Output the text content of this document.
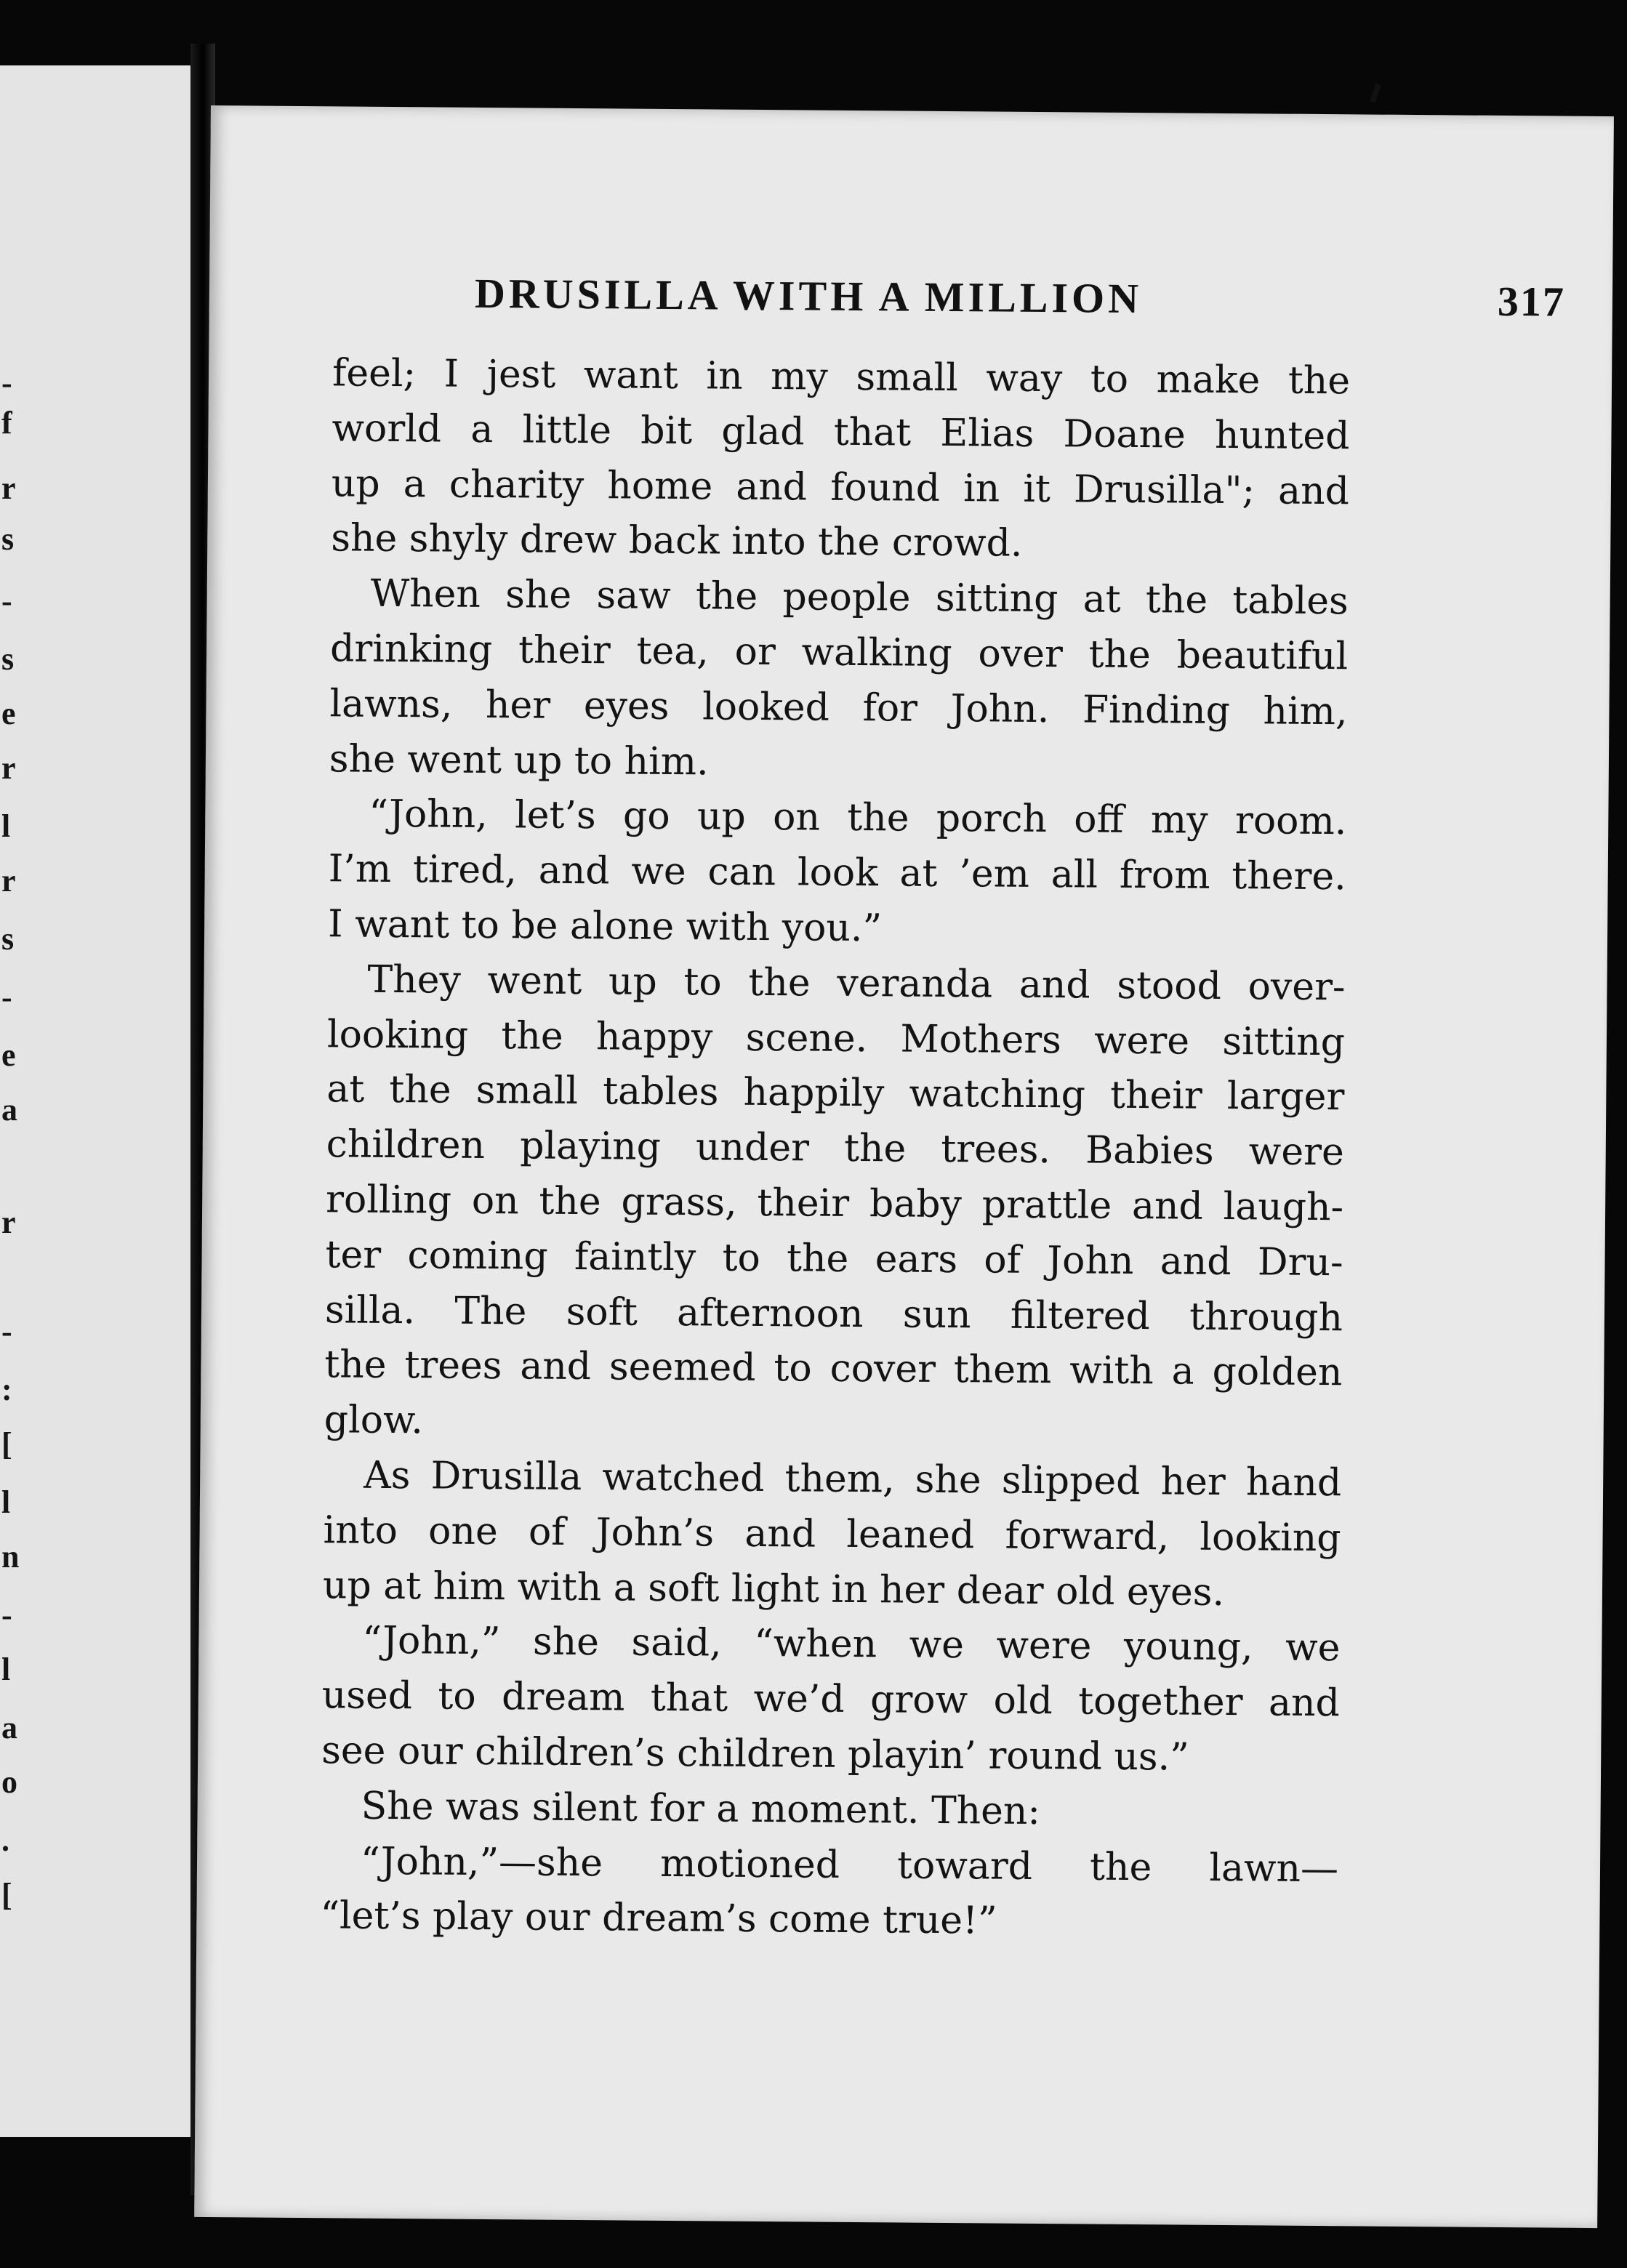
-
f
r
s
-
s
e
r
l
r
s
-
e
a
r
-
:
[
l
n
-
l
a
o
.
[
DRUSILLA WITH A MILLION	317
feel; I jest want in my small way to make the
world a little bit glad that Elias Doane hunted
up a charity home and found in it Drusilla"; and
she shyly drew back into the crowd.
When she saw the people sitting at the tables
drinking their tea, or walking over the beautiful
lawns, her eyes looked for John. Finding him,
she went up to him.
“John, let’s go up on the porch off my room.
I’m tired, and we can look at ’em all from there.
I want to be alone with you.”
They went up to the veranda and stood over-
looking the happy scene. Mothers were sitting
at the small tables happily watching their larger
children playing under the trees. Babies were
rolling on the grass, their baby prattle and laugh-
ter coming faintly to the ears of John and Dru-
silla. The soft afternoon sun filtered through
the trees and seemed to cover them with a golden
glow.
As Drusilla watched them, she slipped her hand
into one of John’s and leaned forward, looking
up at him with a soft light in her dear old eyes.
“John,” she said, “when we were young, we
used to dream that we’d grow old together and
see our children’s children playin’ round us.”
She was silent for a moment. Then:
“John,”—she motioned toward the lawn—
“let’s play our dream’s come true!”
